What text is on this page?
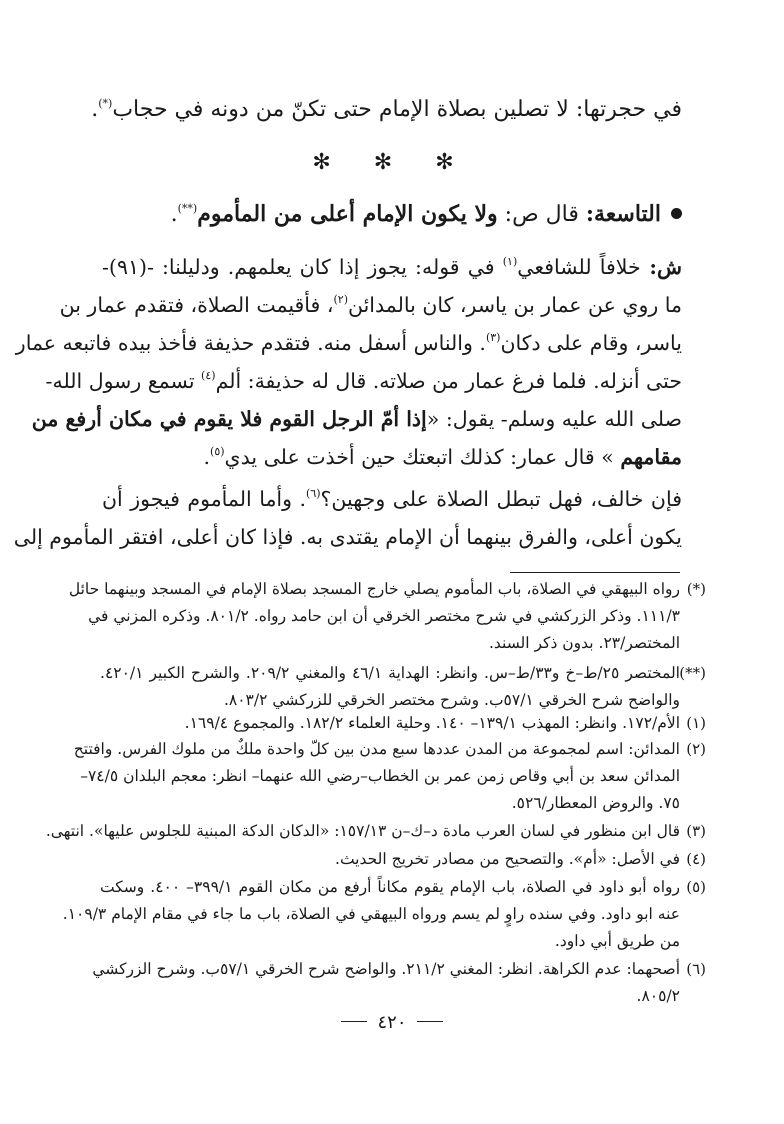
في حجرتها: لا تصلين بصلاة الإمام حتى تكنّ من دونه في حجاب(*).
✻ ✻ ✻
التاسعة: قال ص: ولا يكون الإمام أعلى من المأموم(**).
ش: خلافاً للشافعي$^{(١)}$ في قوله: يجوز إذا كان يعلمهم. ودليلنا: -(٩١)-
ما روي عن عمار بن ياسر، كان بالمدائن$^{(٢)}$، فأقيمت الصلاة، فتقدم عمار بن
ياسر، وقام على دكان$^{(٣)}$. والناس أسفل منه. فتقدم حذيفة فأخذ بيده فاتبعه عمار
حتى أنزله. فلما فرغ عمار من صلاته. قال له حذيفة: ألم$^{(٤)}$ تسمع رسول الله-
صلى الله عليه وسلم- يقول: «إذا أمّ الرجل القوم فلا يقوم في مكان أرفع من
مقامهم » قال عمار: كذلك اتبعتك حين أخذت على يدي$^{(٥)}$.
فإن خالف، فهل تبطل الصلاة على وجهين؟$^{(٦)}$. وأما المأموم فيجوز أن
يكون أعلى، والفرق بينهما أن الإمام يقتدى به. فإذا كان أعلى، افتقر المأموم إلى
(*)
رواه البيهقي في الصلاة، باب المأموم يصلي خارج المسجد بصلاة الإمام في المسجد وبينهما حائل
١١١/٣. وذكر الزركشي في شرح مختصر الخرقي أن ابن حامد رواه. ٨٠١/٢. وذكره المزني في
المختصر/٢٣. بدون ذكر السند.
(**)
المختصر ٢٥/ط–خ و٣٣/ط–س. وانظر: الهداية ٤٦/١ والمغني ٢٠٩/٢. والشرح الكبير ٤٢٠/١.
والواضح شرح الخرقي ٥٧/١ب. وشرح مختصر الخرقي للزركشي ٨٠٣/٢.
(١)
الأم/١٧٢. وانظر: المهذب ١٣٩/١– ١٤٠. وحلية العلماء ١٨٢/٢. والمجموع ١٦٩/٤.
(٢)
المدائن: اسم لمجموعة من المدن عددها سبع مدن بين كلّ واحدة ملكٌ من ملوك الفرس. وافتتح
المدائن سعد بن أبي وقاص زمن عمر بن الخطاب–رضي الله عنهما– انظر: معجم البلدان ٧٤/٥–
٧٥. والروض المعطار/٥٢٦.
(٣)
قال ابن منظور في لسان العرب مادة د–ك–ن ١٥٧/١٣: «الدكان الدكة المبنية للجلوس عليها». انتهى.
(٤)
في الأصل: «أم». والتصحيح من مصادر تخريج الحديث.
(٥)
رواه أبو داود في الصلاة، باب الإمام يقوم مكاناً أرفع من مكان القوم ٣٩٩/١– ٤٠٠. وسكت
عنه ابو داود. وفي سنده راوٍ لم يسم ورواه البيهقي في الصلاة، باب ما جاء في مقام الإمام ١٠٩/٣.
من طريق أبي داود.
(٦)
أصحهما: عدم الكراهة. انظر: المغني ٢١١/٢. والواضح شرح الخرقي ٥٧/١ب. وشرح الزركشي
٨٠٥/٢.
٤٢٠
